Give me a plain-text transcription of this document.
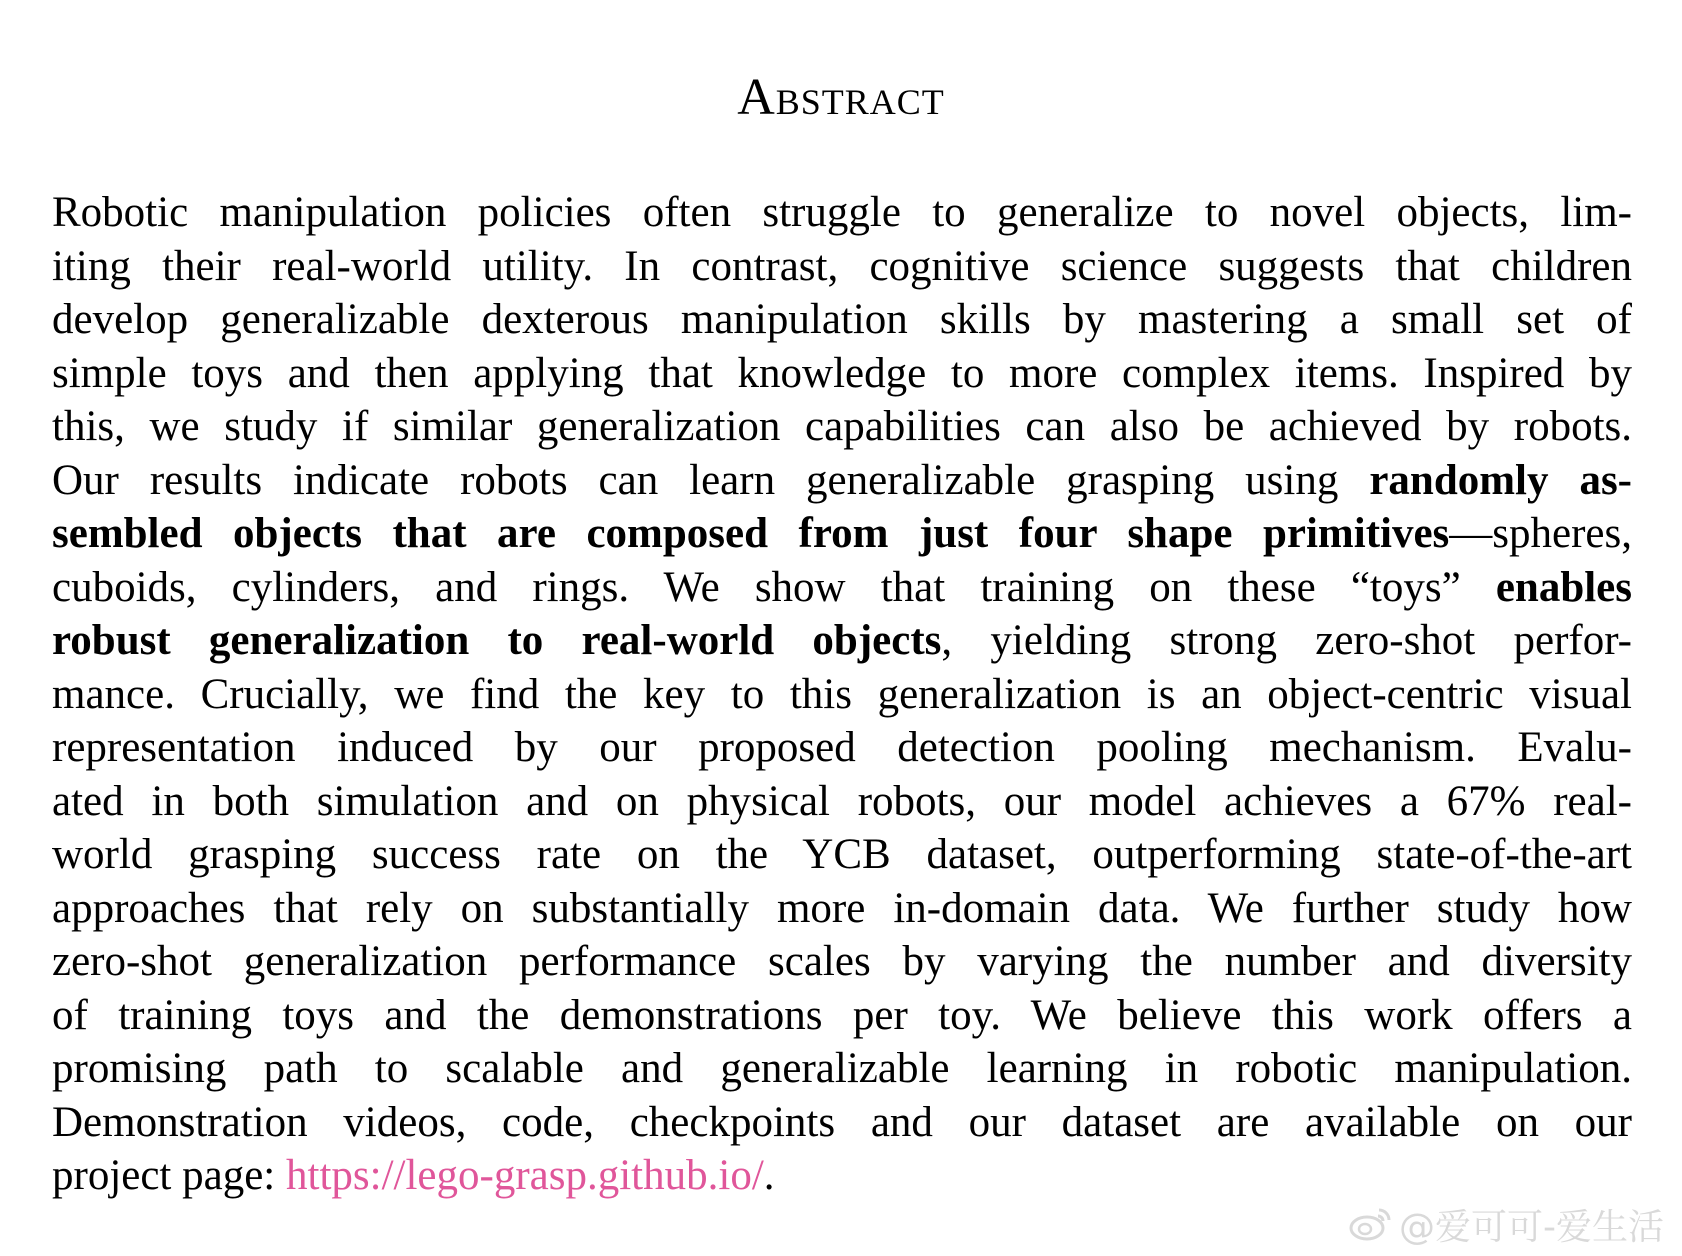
Abstract
Robotic manipulation policies often struggle to generalize to novel objects, lim-
iting their real-world utility. In contrast, cognitive science suggests that children
develop generalizable dexterous manipulation skills by mastering a small set of
simple toys and then applying that knowledge to more complex items. Inspired by
this, we study if similar generalization capabilities can also be achieved by robots.
Our results indicate robots can learn generalizable grasping using randomly as-
sembled objects that are composed from just four shape primitives—spheres,
cuboids, cylinders, and rings. We show that training on these “toys” enables
robust generalization to real-world objects, yielding strong zero-shot perfor-
mance. Crucially, we find the key to this generalization is an object-centric visual
representation induced by our proposed detection pooling mechanism. Evalu-
ated in both simulation and on physical robots, our model achieves a 67% real-
world grasping success rate on the YCB dataset, outperforming state-of-the-art
approaches that rely on substantially more in-domain data. We further study how
zero-shot generalization performance scales by varying the number and diversity
of training toys and the demonstrations per toy. We believe this work offers a
promising path to scalable and generalizable learning in robotic manipulation.
Demonstration videos, code, checkpoints and our dataset are available on our
project page: https://lego-grasp.github.io/.
@爱可可-爱生活
